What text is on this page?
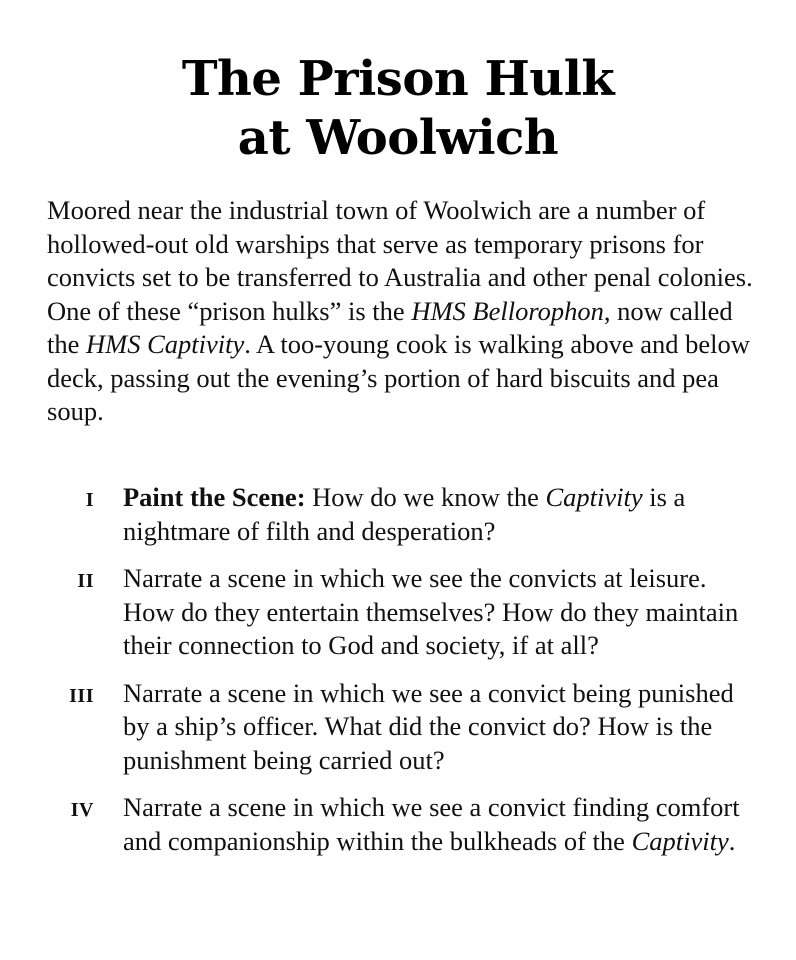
The Prison Hulk
at Woolwich

Moored near the industrial town of Woolwich are a number of hollowed-out old warships that serve as temporary prisons for convicts set to be transferred to Australia and other penal colonies. One of these “prison hulks” is the HMS Bellorophon, now called the HMS Captivity. A too-young cook is walking above and below deck, passing out the evening’s portion of hard biscuits and pea soup.

I Paint the Scene: How do we know the Captivity is a nightmare of filth and desperation?
II Narrate a scene in which we see the convicts at leisure. How do they entertain themselves? How do they maintain their connection to God and society, if at all?
III Narrate a scene in which we see a convict being punished by a ship’s officer. What did the convict do? How is the punishment being carried out?
IV Narrate a scene in which we see a convict finding comfort and companionship within the bulkheads of the Captivity.
